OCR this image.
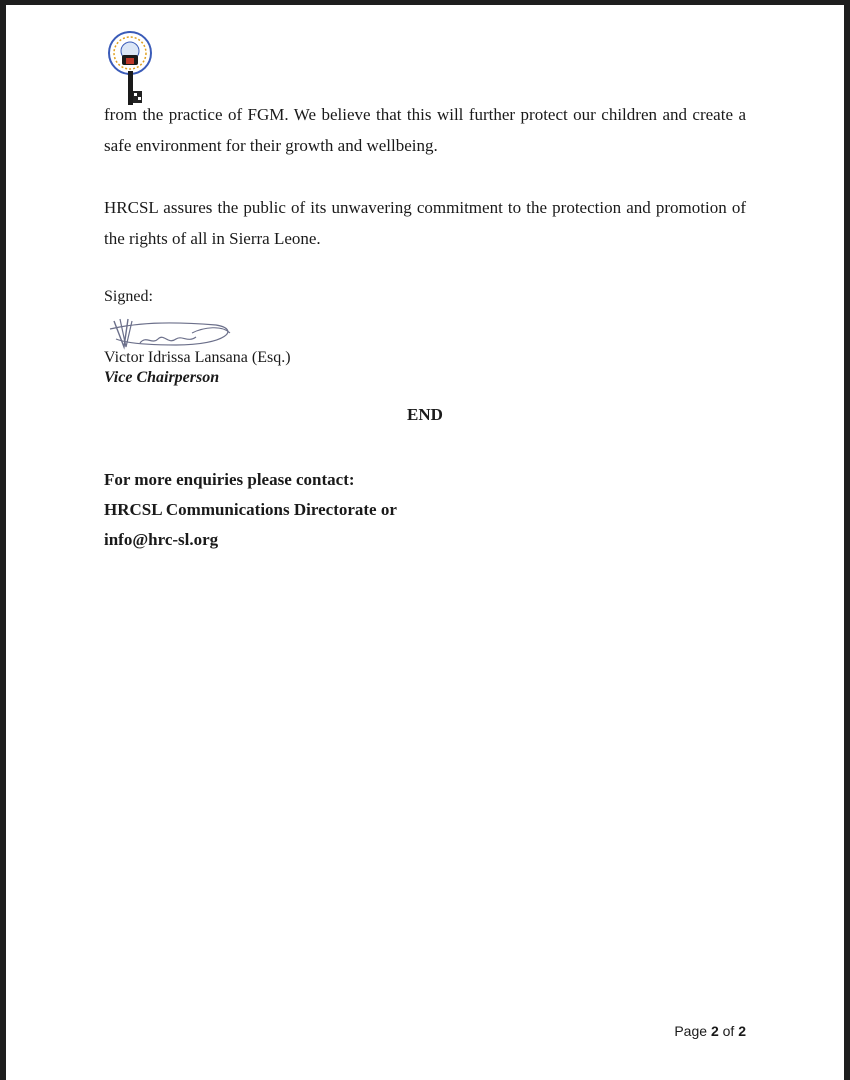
from the practice of FGM. We believe that this will further protect our children and create a safe environment for their growth and wellbeing.

HRCSL assures the public of its unwavering commitment to the protection and promotion of the rights of all in Sierra Leone.

Signed:

Victor Idrissa Lansana (Esq.)

Vice Chairperson

END

For more enquiries please contact:
HRCSL Communications Directorate or
info@hrc-sl.org

Page 2 of 2
